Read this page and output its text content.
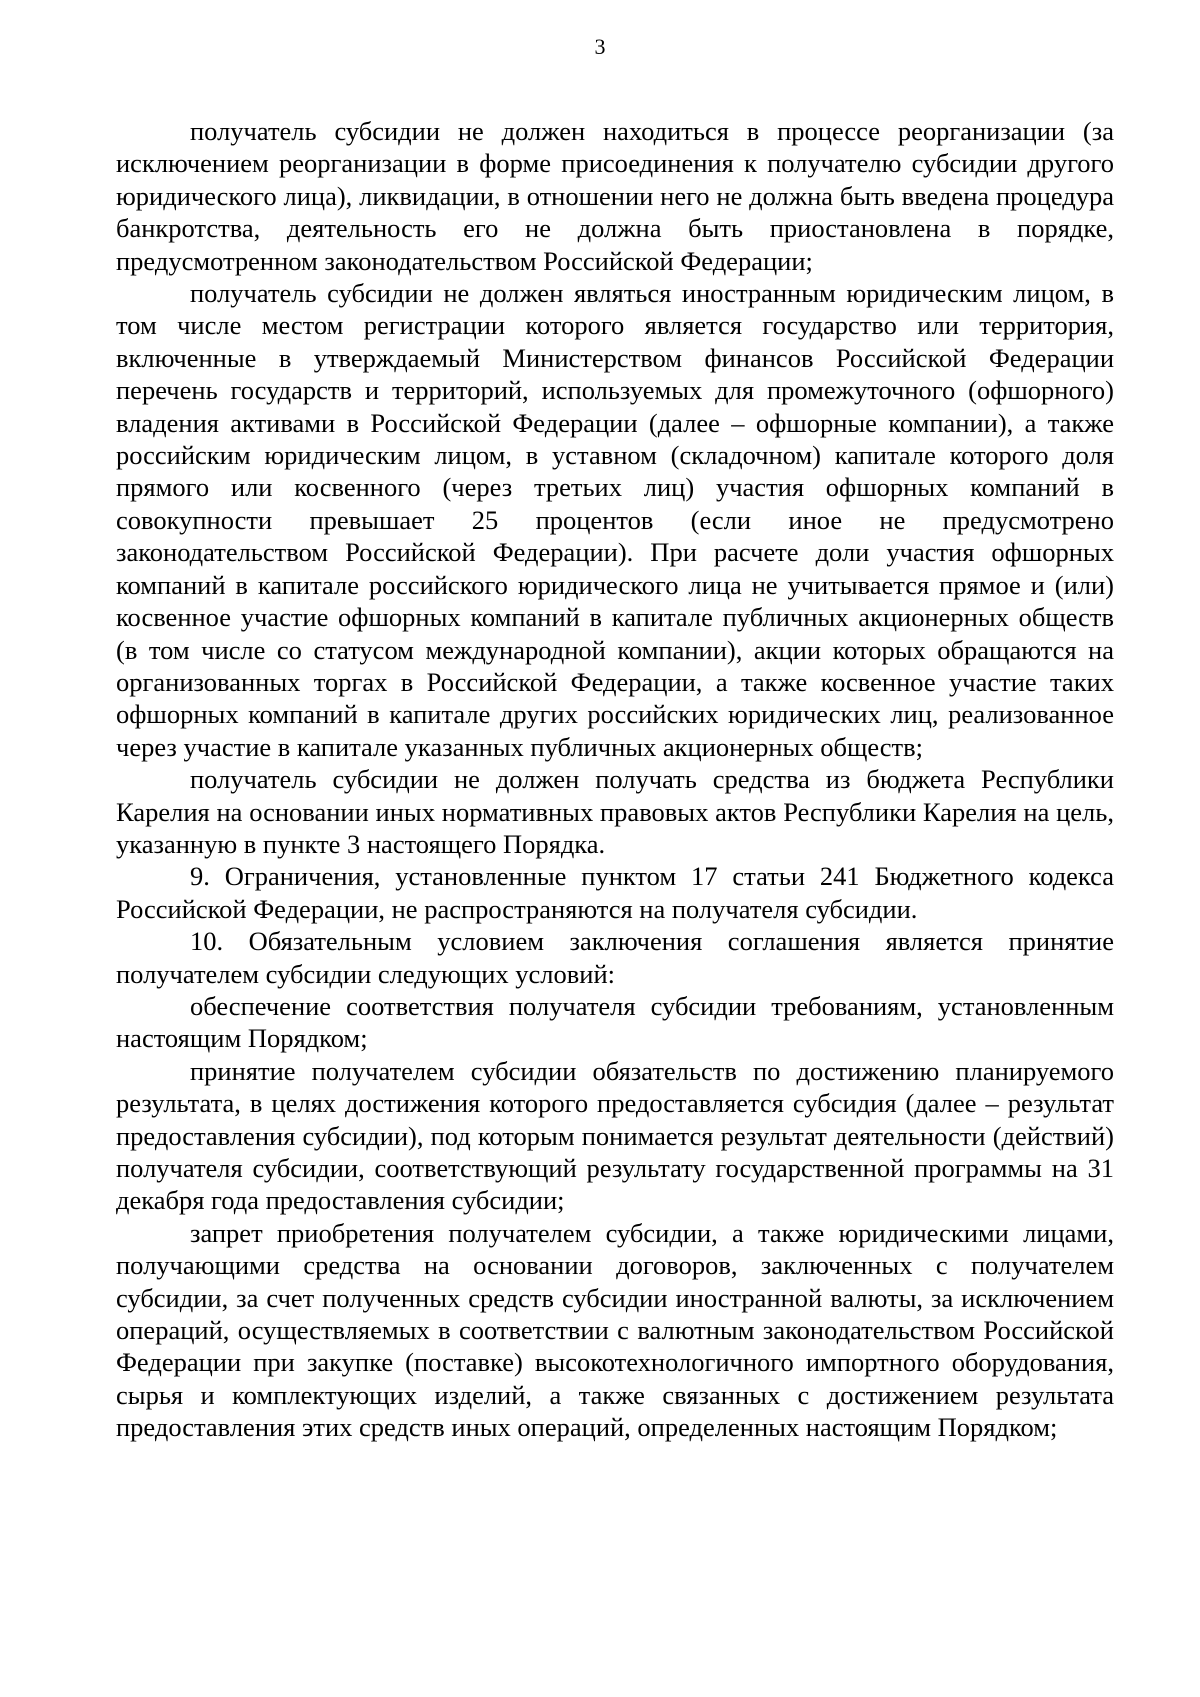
3

получатель субсидии не должен находиться в процессе реорганизации (за исключением реорганизации в форме присоединения к получателю субсидии другого юридического лица), ликвидации, в отношении него не должна быть введена процедура банкротства, деятельность его не должна быть приостановлена в порядке, предусмотренном законодательством Российской Федерации;

получатель субсидии не должен являться иностранным юридическим лицом, в том числе местом регистрации которого является государство или территория, включенные в утверждаемый Министерством финансов Российской Федерации перечень государств и территорий, используемых для промежуточного (офшорного) владения активами в Российской Федерации (далее – офшорные компании), а также российским юридическим лицом, в уставном (складочном) капитале которого доля прямого или косвенного (через третьих лиц) участия офшорных компаний в совокупности превышает 25 процентов (если иное не предусмотрено законодательством Российской Федерации). При расчете доли участия офшорных компаний в капитале российского юридического лица не учитывается прямое и (или) косвенное участие офшорных компаний в капитале публичных акционерных обществ (в том числе со статусом международной компании), акции которых обращаются на организованных торгах в Российской Федерации, а также косвенное участие таких офшорных компаний в капитале других российских юридических лиц, реализованное через участие в капитале указанных публичных акционерных обществ;

получатель субсидии не должен получать средства из бюджета Республики Карелия на основании иных нормативных правовых актов Республики Карелия на цель, указанную в пункте 3 настоящего Порядка.

9. Ограничения, установленные пунктом 17 статьи 241 Бюджетного кодекса Российской Федерации, не распространяются на получателя субсидии.

10. Обязательным условием заключения соглашения является принятие получателем субсидии следующих условий:

обеспечение соответствия получателя субсидии требованиям, установленным настоящим Порядком;

принятие получателем субсидии обязательств по достижению планируемого результата, в целях достижения которого предоставляется субсидия (далее – результат предоставления субсидии), под которым понимается результат деятельности (действий) получателя субсидии, соответствующий результату государственной программы на 31 декабря года предоставления субсидии;

запрет приобретения получателем субсидии, а также юридическими лицами, получающими средства на основании договоров, заключенных с получателем субсидии, за счет полученных средств субсидии иностранной валюты, за исключением операций, осуществляемых в соответствии с валютным законодательством Российской Федерации при закупке (поставке) высокотехнологичного импортного оборудования, сырья и комплектующих изделий, а также связанных с достижением результата предоставления этих средств иных операций, определенных настоящим Порядком;
